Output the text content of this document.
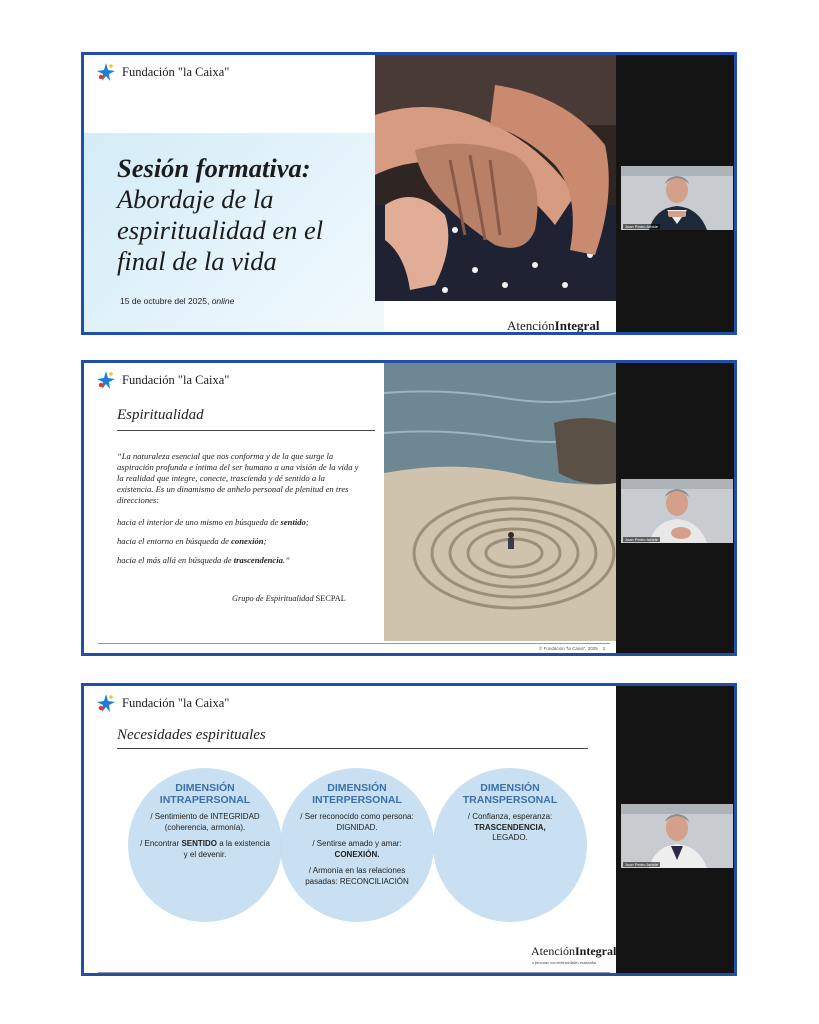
Fundación "la Caixa"
Sesión formativa:
Abordaje de la espiritualidad en el final de la vida
15 de octubre del 2025, online
AtenciónIntegral
Juan Pedro Arbide
Fundación "la Caixa"
Espiritualidad
“La naturaleza esencial que nos conforma y de la que surge la aspiración profunda e íntima del ser humano a una visión de la vida y la realidad que integre, conecte, trascienda y dé sentido a la existencia. Es un dinamismo de anhelo personal de plenitud en tres direcciones:
hacia el interior de uno mismo en búsqueda de sentido;
hacia el entorno en búsqueda de conexión;
hacia el más allá en búsqueda de trascendencia.”
Grupo de Espiritualidad SECPAL
© Fundación "la Caixa", 2025 2
Juan Pedro Arbide
Fundación "la Caixa"
Necesidades espirituales
DIMENSIÓN
INTRAPERSONAL
/ Sentimiento de INTEGRIDAD (coherencia, armonía).
/ Encontrar SENTIDO a la existencia y el devenir.
DIMENSIÓN
INTERPERSONAL
/ Ser reconocido como persona: DIGNIDAD.
/ Sentirse amado y amar:
CONEXIÓN.
/ Armonía en las relaciones pasadas: RECONCILIACIÓN
DIMENSIÓN
TRANSPERSONAL
/ Confianza, esperanza:
TRASCENDENCIA,
LEGADO.
AtenciónIntegral
a personas con enfermedades avanzadas
Juan Pedro Arbide
